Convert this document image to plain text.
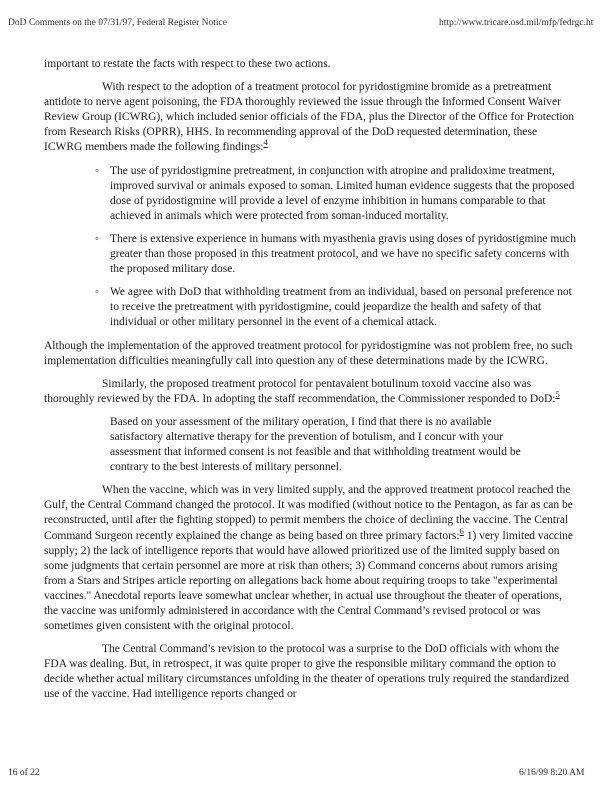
DoD Comments on the 07/31/97, Federal Register Notice	http://www.tricare.osd.mil/mfp/fedrgc.ht

important to restate the facts with respect to these two actions.

With respect to the adoption of a treatment protocol for pyridostigmine bromide as a pretreatment antidote to nerve agent poisoning, the FDA thoroughly reviewed the issue through the Informed Consent Waiver Review Group (ICWRG), which included senior officials of the FDA, plus the Director of the Office for Protection from Research Risks (OPRR), HHS. In recommending approval of the DoD requested determination, these ICWRG members made the following findings:$^4$

◦ The use of pyridostigmine pretreatment, in conjunction with atropine and pralidoxime treatment, improved survival or animals exposed to soman. Limited human evidence suggests that the proposed dose of pyridostigmine will provide a level of enzyme inhibition in humans comparable to that achieved in animals which were protected from soman-induced mortality.
◦ There is extensive experience in humans with myasthenia gravis using doses of pyridostigmine much greater than those proposed in this treatment protocol, and we have no specific safety concerns with the proposed military dose.
◦ We agree with DoD that withholding treatment from an individual, based on personal preference not to receive the pretreatment with pyridostigmine, could jeopardize the health and safety of that individual or other military personnel in the event of a chemical attack.

Although the implementation of the approved treatment protocol for pyridostigmine was not problem free, no such implementation difficulties meaningfully call into question any of these determinations made by the ICWRG.

Similarly, the proposed treatment protocol for pentavalent botulinum toxoid vaccine also was thoroughly reviewed by the FDA. In adopting the staff recommendation, the Commissioner responded to DoD:$^5$

Based on your assessment of the military operation, I find that there is no available satisfactory alternative therapy for the prevention of botulism, and I concur with your assessment that informed consent is not feasible and that withholding treatment would be contrary to the best interests of military personnel.

When the vaccine, which was in very limited supply, and the approved treatment protocol reached the Gulf, the Central Command changed the protocol. It was modified (without notice to the Pentagon, as far as can be reconstructed, until after the fighting stopped) to permit members the choice of declining the vaccine. The Central Command Surgeon recently explained the change as being based on three primary factors:$^6$ 1) very limited vaccine supply; 2) the lack of intelligence reports that would have allowed prioritized use of the limited supply based on some judgments that certain personnel are more at risk than others; 3) Command concerns about rumors arising from a Stars and Stripes article reporting on allegations back home about requiring troops to take "experimental vaccines." Anecdotal reports leave somewhat unclear whether, in actual use throughout the theater of operations, the vaccine was uniformly administered in accordance with the Central Command’s revised protocol or was sometimes given consistent with the original protocol.

The Central Command’s revision to the protocol was a surprise to the DoD officials with whom the FDA was dealing. But, in retrospect, it was quite proper to give the responsible military command the option to decide whether actual military circumstances unfolding in the theater of operations truly required the standardized use of the vaccine. Had intelligence reports changed or

16 of 22	6/16/99 8:20 AM
